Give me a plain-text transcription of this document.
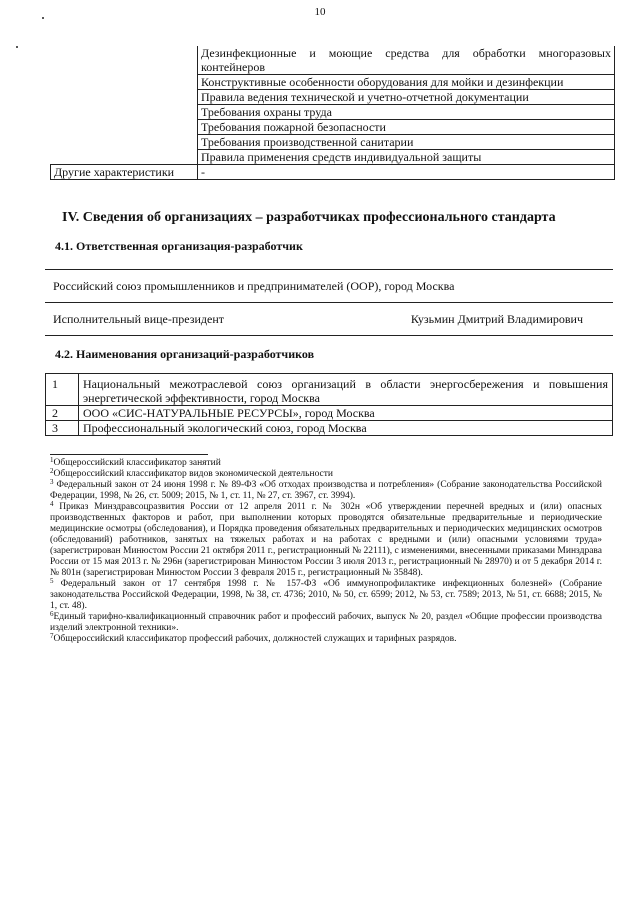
10
	Дезинфекционные и моющие средства для обработки многоразовых контейнеров
	Конструктивные особенности оборудования для мойки и дезинфекции
	Правила ведения технической и учетно-отчетной документации
	Требования охраны труда
	Требования пожарной безопасности
	Требования производственной санитарии
	Правила применения средств индивидуальной защиты
Другие характеристики	-
IV. Сведения об организациях – разработчиках профессионального стандарта
4.1. Ответственная организация-разработчик
Российский союз промышленников и предпринимателей (ООР), город Москва
Исполнительный вице-президент	Кузьмин Дмитрий Владимирович
4.2. Наименования организаций-разработчиков
1	Национальный межотраслевой союз организаций в области энергосбережения и повышения энергетической эффективности, город Москва
2	ООО «СИС-НАТУРАЛЬНЫЕ РЕСУРСЫ», город Москва
3	Профессиональный экологический союз, город Москва

$^1$Общероссийский классификатор занятий

$^2$Общероссийский классификатор видов экономической деятельности

$^3$ Федеральный закон от 24 июня 1998 г. № 89-ФЗ «Об отходах производства и потребления» (Собрание законодательства Российской Федерации, 1998, № 26, ст. 5009; 2015, № 1, ст. 11, № 27, ст. 3967, ст. 3994).

$^4$ Приказ Минздравсоцразвития России от 12 апреля 2011 г. № 302н «Об утверждении перечней вредных и (или) опасных производственных факторов и работ, при выполнении которых проводятся обязательные предварительные и периодические медицинские осмотры (обследования), и Порядка проведения обязательных предварительных и периодических медицинских осмотров (обследований) работников, занятых на тяжелых работах и на работах с вредными и (или) опасными условиями труда» (зарегистрирован Минюстом России 21 октября 2011 г., регистрационный № 22111), с изменениями, внесенными приказами Минздрава России от 15 мая 2013 г. № 296н (зарегистрирован Минюстом России 3 июля 2013 г., регистрационный № 28970) и от 5 декабря 2014 г. № 801н (зарегистрирован Минюстом России 3 февраля 2015 г., регистрационный № 35848).

$^5$ Федеральный закон от 17 сентября 1998 г. № 157-ФЗ «Об иммунопрофилактике инфекционных болезней» (Собрание законодательства Российской Федерации, 1998, № 38, ст. 4736; 2010, № 50, ст. 6599; 2012, № 53, ст. 7589; 2013, № 51, ст. 6688; 2015, № 1, ст. 48).

$^6$Единый тарифно-квалификационный справочник работ и профессий рабочих, выпуск № 20, раздел «Общие профессии производства изделий электронной техники».

$^7$Общероссийский классификатор профессий рабочих, должностей служащих и тарифных разрядов.
